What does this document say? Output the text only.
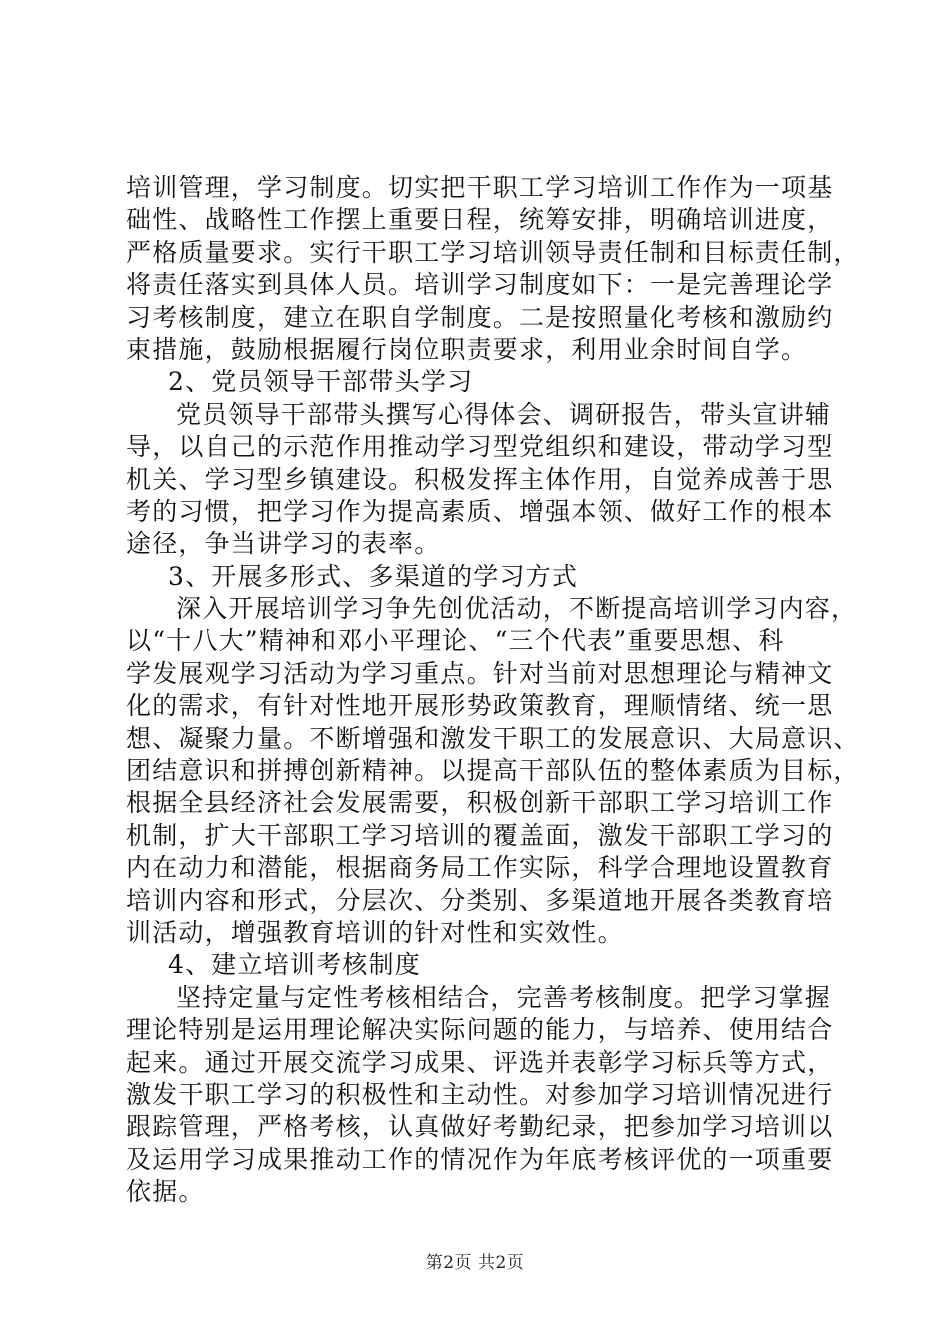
培训管理，学习制度。切实把干职工学习培训工作作为一项基
础性、战略性工作摆上重要日程，统筹安排，明确培训进度，
严格质量要求。实行干职工学习培训领导责任制和目标责任制，
将责任落实到具体人员。培训学习制度如下：一是完善理论学
习考核制度，建立在职自学制度。二是按照量化考核和激励约
束措施，鼓励根据履行岗位职责要求，利用业余时间自学。
2、党员领导干部带头学习
党员领导干部带头撰写心得体会、调研报告，带头宣讲辅
导，以自己的示范作用推动学习型党组织和建设，带动学习型
机关、学习型乡镇建设。积极发挥主体作用，自觉养成善于思
考的习惯，把学习作为提高素质、增强本领、做好工作的根本
途径，争当讲学习的表率。
3、开展多形式、多渠道的学习方式
深入开展培训学习争先创优活动，不断提高培训学习内容，
以“十八大”精神和邓小平理论、“三个代表”重要思想、科
学发展观学习活动为学习重点。针对当前对思想理论与精神文
化的需求，有针对性地开展形势政策教育，理顺情绪、统一思
想、凝聚力量。不断增强和激发干职工的发展意识、大局意识、
团结意识和拼搏创新精神。以提高干部队伍的整体素质为目标，
根据全县经济社会发展需要，积极创新干部职工学习培训工作
机制，扩大干部职工学习培训的覆盖面，激发干部职工学习的
内在动力和潜能，根据商务局工作实际，科学合理地设置教育
培训内容和形式，分层次、分类别、多渠道地开展各类教育培
训活动，增强教育培训的针对性和实效性。
4、建立培训考核制度
坚持定量与定性考核相结合，完善考核制度。把学习掌握
理论特别是运用理论解决实际问题的能力，与培养、使用结合
起来。通过开展交流学习成果、评选并表彰学习标兵等方式，
激发干职工学习的积极性和主动性。对参加学习培训情况进行
跟踪管理，严格考核，认真做好考勤纪录，把参加学习培训以
及运用学习成果推动工作的情况作为年底考核评优的一项重要
依据。
第2页 共2页
